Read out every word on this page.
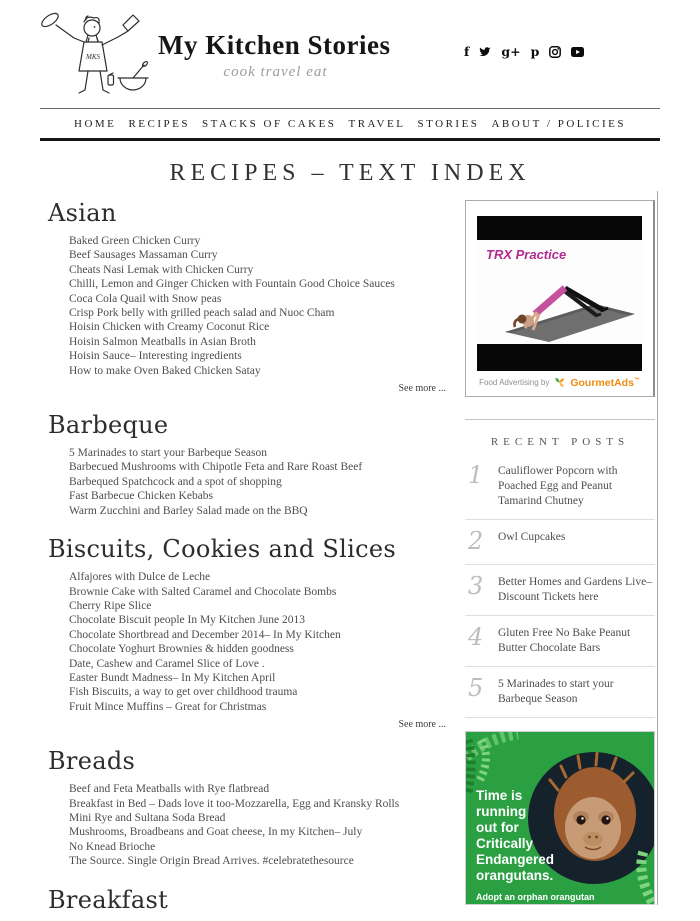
MKS My Kitchen Stories
cook travel eat
f	g+ p
HOME RECIPES STACKS OF CAKES TRAVEL STORIES ABOUT / POLICIES
RECIPES – TEXT INDEX
Asian
Baked Green Chicken Curry
Beef Sausages Massaman Curry
Cheats Nasi Lemak with Chicken Curry
Chilli, Lemon and Ginger Chicken with Fountain Good Choice Sauces
Coca Cola Quail with Snow peas
Crisp Pork belly with grilled peach salad and Nuoc Cham
Hoisin Chicken with Creamy Coconut Rice
Hoisin Salmon Meatballs in Asian Broth
Hoisin Sauce– Interesting ingredients
How to make Oven Baked Chicken Satay
See more ...
Barbeque
5 Marinades to start your Barbeque Season
Barbecued Mushrooms with Chipotle Feta and Rare Roast Beef
Barbequed Spatchcock and a spot of shopping
Fast Barbecue Chicken Kebabs
Warm Zucchini and Barley Salad made on the BBQ
Biscuits, Cookies and Slices
Alfajores with Dulce de Leche
Brownie Cake with Salted Caramel and Chocolate Bombs
Cherry Ripe Slice
Chocolate Biscuit people In My Kitchen June 2013
Chocolate Shortbread and December 2014– In My Kitchen
Chocolate Yoghurt Brownies & hidden goodness
Date, Cashew and Caramel Slice of Love .
Easter Bundt Madness– In My Kitchen April
Fish Biscuits, a way to get over childhood trauma
Fruit Mince Muffins – Great for Christmas
See more ...
Breads
Beef and Feta Meatballs with Rye flatbread
Breakfast in Bed – Dads love it too-Mozzarella, Egg and Kransky Rolls
Mini Rye and Sultana Soda Bread
Mushrooms, Broadbeans and Goat cheese, In my Kitchen– July
No Knead Brioche
The Source. Single Origin Bread Arrives. #celebratethesource
Breakfast
TRX Practice
Food Advertising by GourmetAds™
RECENT POSTS
1	Cauliflower Popcorn with Poached Egg and Peanut Tamarind Chutney
2	Owl Cupcakes
3	Better Homes and Gardens Live– Discount Tickets here
4	Gluten Free No Bake Peanut Butter Chocolate Bars
5	5 Marinades to start your Barbeque Season
Time is
running
out for
Critically
Endangered
orangutans.
Adopt an orphan orangutan
